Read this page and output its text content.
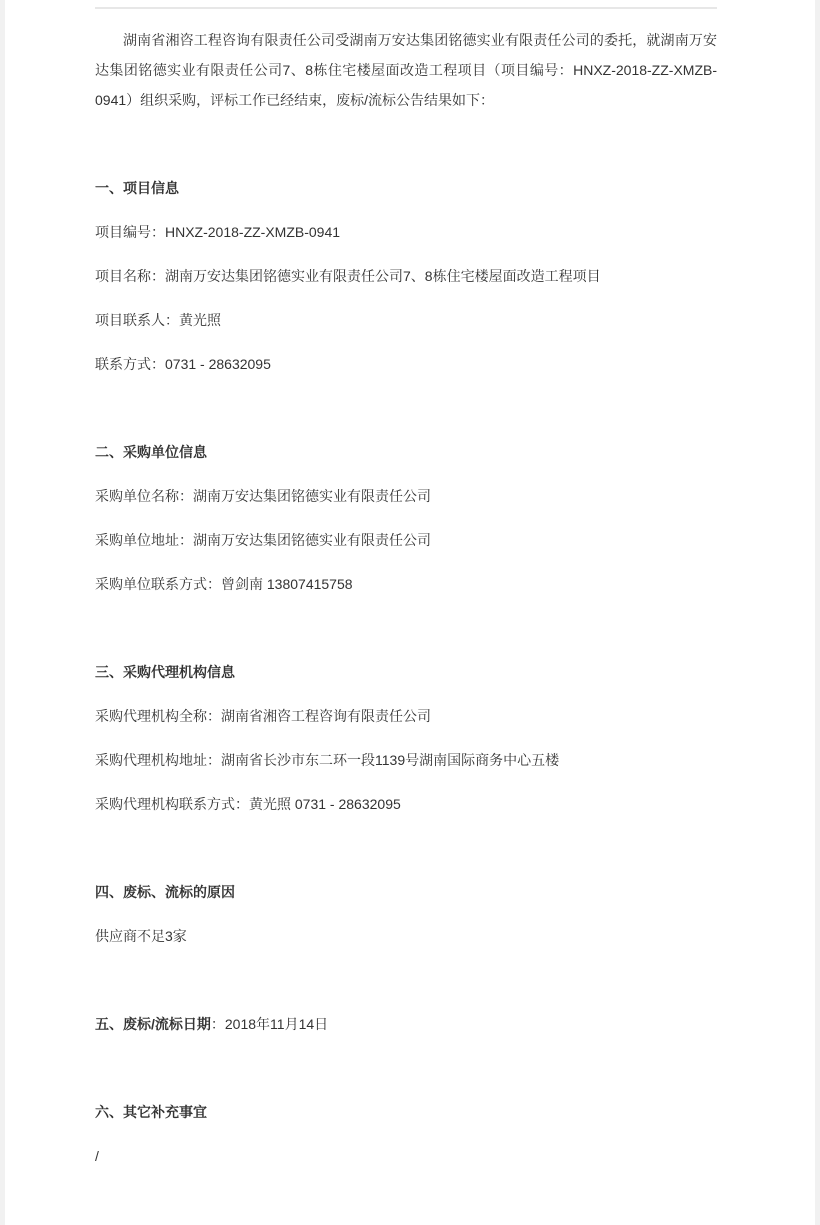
湖南省湘咨工程咨询有限责任公司受湖南万安达集团铭德实业有限责任公司的委托，就湖南万安达集团铭德实业有限责任公司7、8栋住宅楼屋面改造工程项目（项目编号：HNXZ-2018-ZZ-XMZB-0941）组织采购，评标工作已经结束，废标/流标公告结果如下：

一、项目信息

项目编号：HNXZ-2018-ZZ-XMZB-0941

项目名称：湖南万安达集团铭德实业有限责任公司7、8栋住宅楼屋面改造工程项目

项目联系人：黄光照

联系方式：0731 - 28632095

二、采购单位信息

采购单位名称：湖南万安达集团铭德实业有限责任公司

采购单位地址：湖南万安达集团铭德实业有限责任公司

采购单位联系方式：曾剑南 13807415758

三、采购代理机构信息

采购代理机构全称：湖南省湘咨工程咨询有限责任公司

采购代理机构地址：湖南省长沙市东二环一段1139号湖南国际商务中心五楼

采购代理机构联系方式：黄光照 0731 - 28632095

四、废标、流标的原因

供应商不足3家

五、废标/流标日期：2018年11月14日

六、其它补充事宜

/
